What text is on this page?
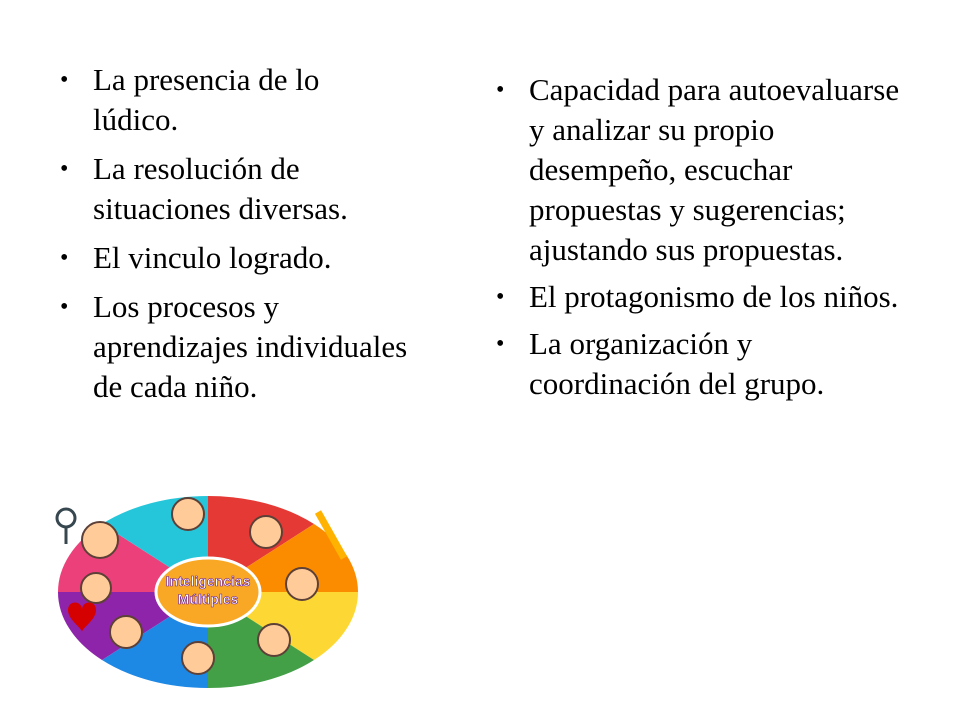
• La presencia de lo lúdico.
• La resolución de situaciones diversas.
• El vinculo logrado.
• Los procesos y aprendizajes individuales de cada niño.
• Capacidad para autoevaluarse y analizar su propio desempeño, escuchar propuestas y sugerencias; ajustando sus propuestas.
• El protagonismo de los niños.
• La organización y coordinación del grupo.
Inteligencias
Múltiples
